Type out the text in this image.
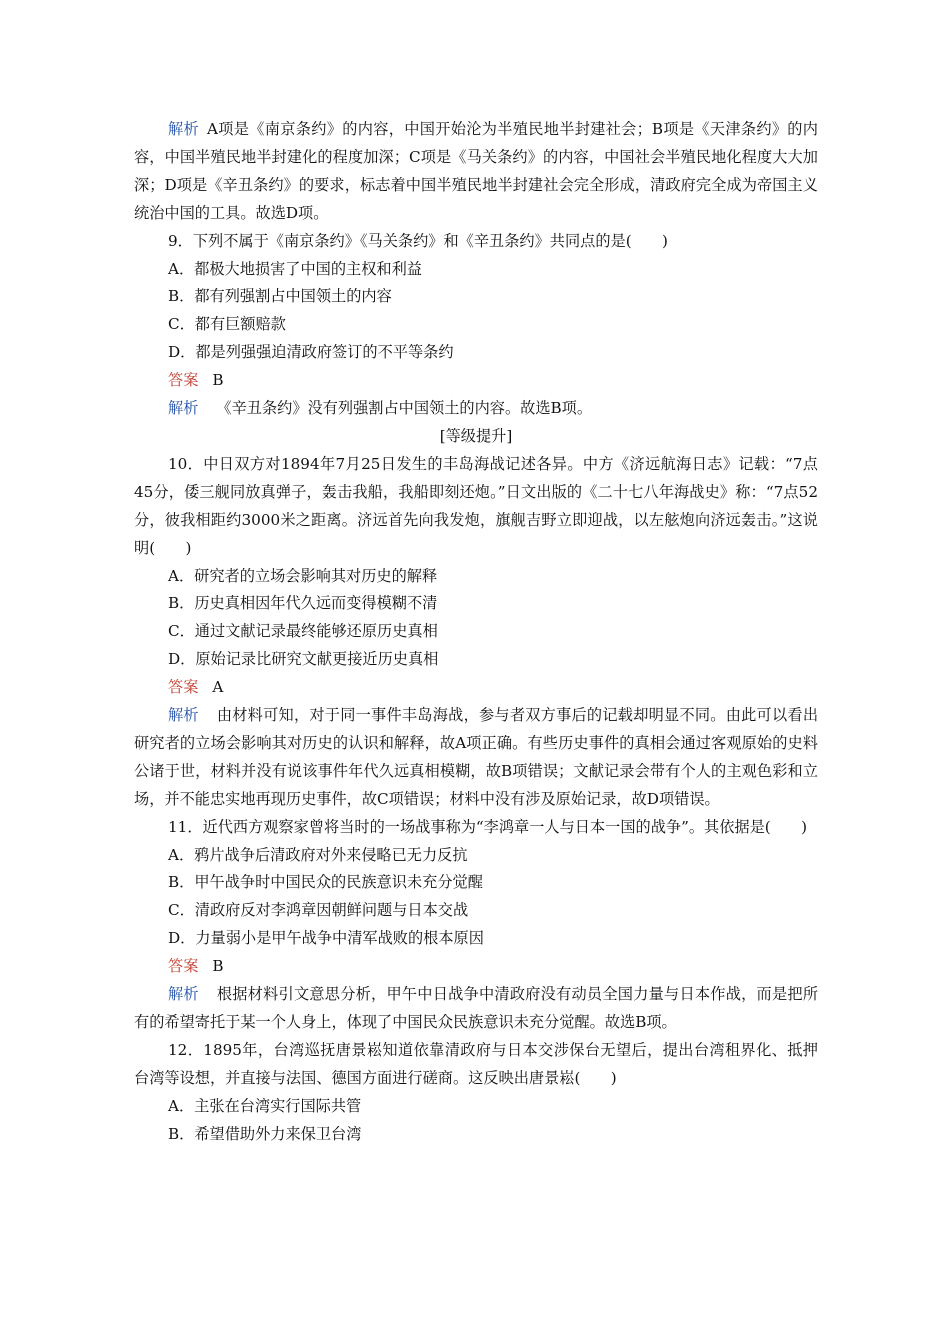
解析 A项是《南京条约》的内容，中国开始沦为半殖民地半封建社会；B项是《天津条约》的内容，中国半殖民地半封建化的程度加深；C项是《马关条约》的内容，中国社会半殖民地化程度大大加深；D项是《辛丑条约》的要求，标志着中国半殖民地半封建社会完全形成，清政府完全成为帝国主义统治中国的工具。故选D项。

9．下列不属于《南京条约》《马关条约》和《辛丑条约》共同点的是(　　)

A．都极大地损害了中国的主权和利益

B．都有列强割占中国领土的内容

C．都有巨额赔款

D．都是列强强迫清政府签订的不平等条约

答案 B

解析 《辛丑条约》没有列强割占中国领土的内容。故选B项。

[等级提升]

10．中日双方对1894年7月25日发生的丰岛海战记述各异。中方《济远航海日志》记载：“7点45分，倭三舰同放真弹子，轰击我船，我船即刻还炮。”日文出版的《二十七八年海战史》称：“7点52分，彼我相距约3000米之距离。济远首先向我发炮，旗舰吉野立即迎战，以左舷炮向济远轰击。”这说明(　　)

A．研究者的立场会影响其对历史的解释

B．历史真相因年代久远而变得模糊不清

C．通过文献记录最终能够还原历史真相

D．原始记录比研究文献更接近历史真相

答案 A

解析 由材料可知，对于同一事件丰岛海战，参与者双方事后的记载却明显不同。由此可以看出研究者的立场会影响其对历史的认识和解释，故A项正确。有些历史事件的真相会通过客观原始的史料公诸于世，材料并没有说该事件年代久远真相模糊，故B项错误；文献记录会带有个人的主观色彩和立场，并不能忠实地再现历史事件，故C项错误；材料中没有涉及原始记录，故D项错误。

11．近代西方观察家曾将当时的一场战事称为“李鸿章一人与日本一国的战争”。其依据是(　　)

A．鸦片战争后清政府对外来侵略已无力反抗

B．甲午战争时中国民众的民族意识未充分觉醒

C．清政府反对李鸿章因朝鲜问题与日本交战

D．力量弱小是甲午战争中清军战败的根本原因

答案 B

解析 根据材料引文意思分析，甲午中日战争中清政府没有动员全国力量与日本作战，而是把所有的希望寄托于某一个人身上，体现了中国民众民族意识未充分觉醒。故选B项。

12．1895年，台湾巡抚唐景崧知道依靠清政府与日本交涉保台无望后，提出台湾租界化、抵押台湾等设想，并直接与法国、德国方面进行磋商。这反映出唐景崧(　　)

A．主张在台湾实行国际共管

B．希望借助外力来保卫台湾
